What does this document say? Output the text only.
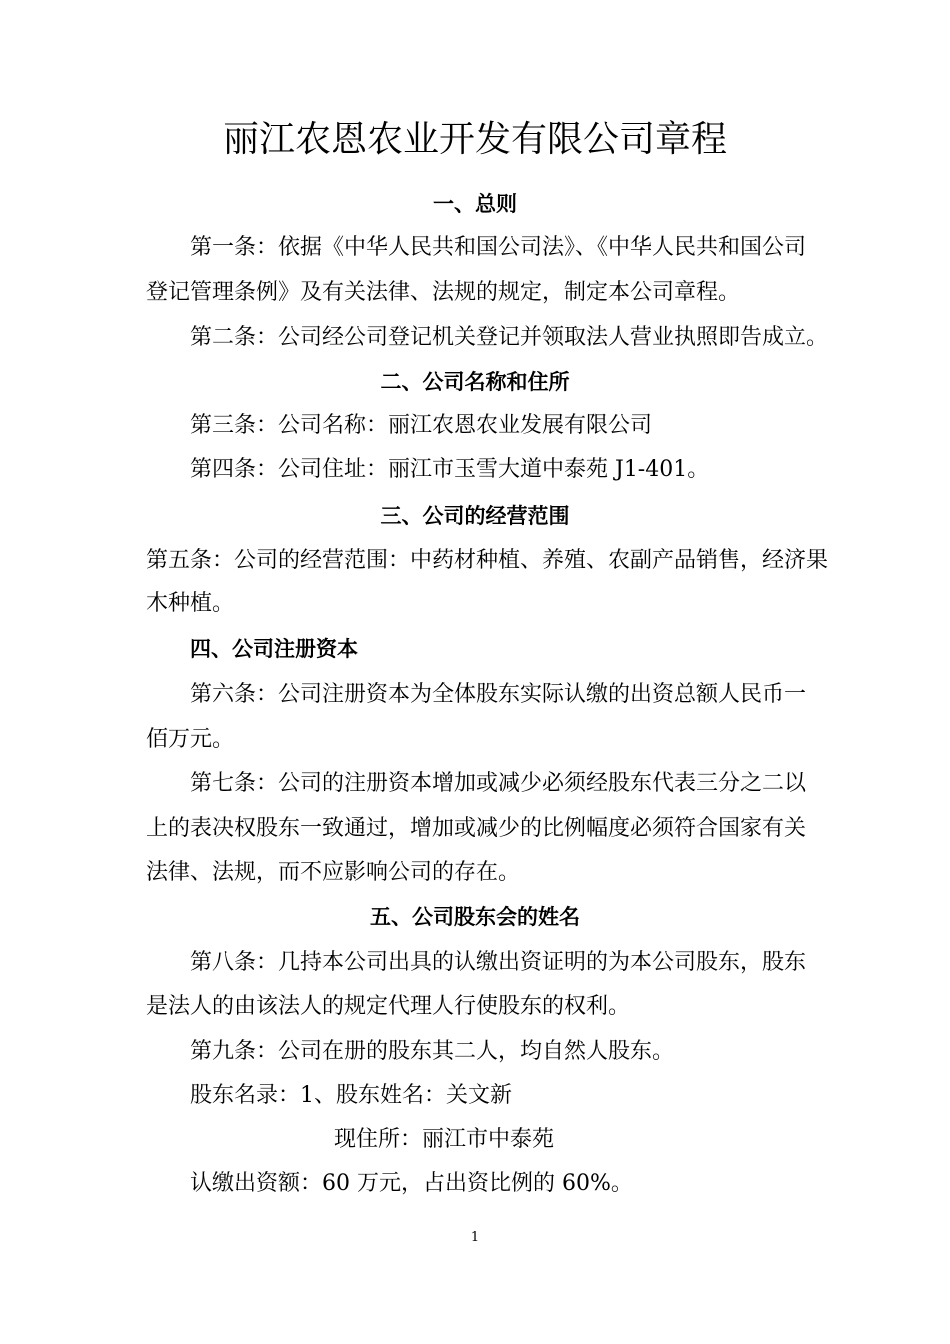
丽江农恩农业开发有限公司章程
一、总则
第一条：依据《中华人民共和国公司法》、《中华人民共和国公司
登记管理条例》及有关法律、法规的规定，制定本公司章程。
第二条：公司经公司登记机关登记并领取法人营业执照即告成立。
二、公司名称和住所
第三条：公司名称：丽江农恩农业发展有限公司
第四条：公司住址：丽江市玉雪大道中泰苑 J1-401。
三、公司的经营范围
第五条：公司的经营范围：中药材种植、养殖、农副产品销售，经济果
木种植。
四、公司注册资本
第六条：公司注册资本为全体股东实际认缴的出资总额人民币一
佰万元。
第七条：公司的注册资本增加或减少必须经股东代表三分之二以
上的表决权股东一致通过，增加或减少的比例幅度必须符合国家有关
法律、法规，而不应影响公司的存在。
五、公司股东会的姓名
第八条：几持本公司出具的认缴出资证明的为本公司股东，股东
是法人的由该法人的规定代理人行使股东的权利。
第九条：公司在册的股东其二人，均自然人股东。
股东名录：1、股东姓名：关文新
现住所：丽江市中泰苑
认缴出资额：60 万元，占出资比例的 60%。
1
